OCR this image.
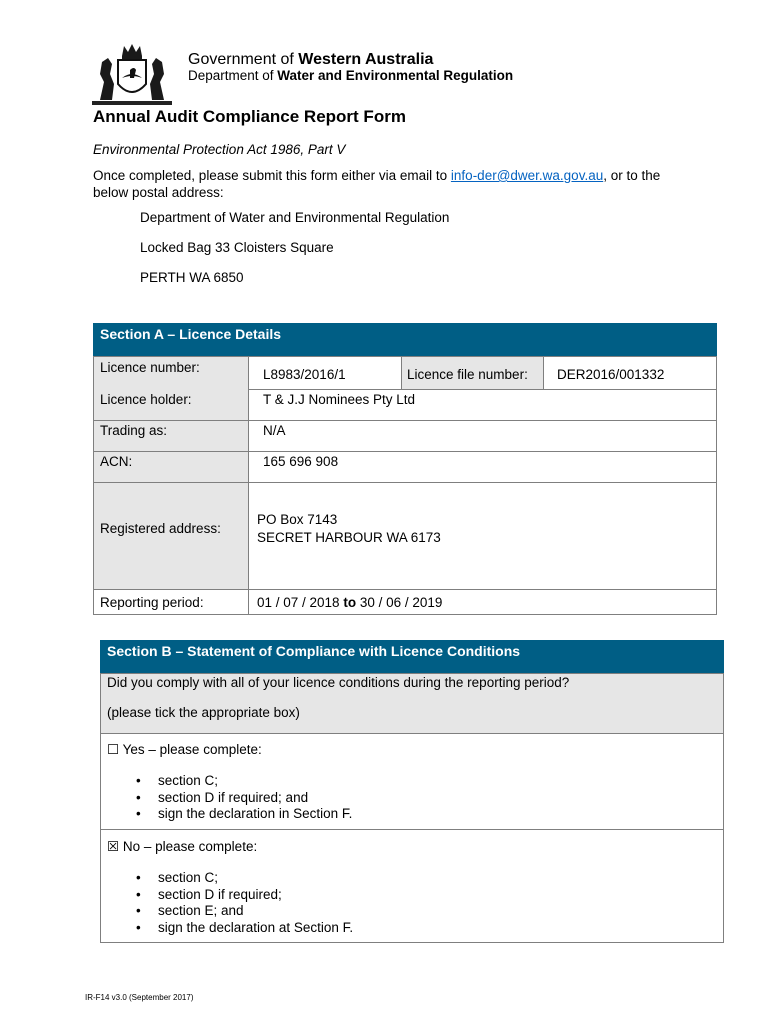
Government of Western Australia
Department of Water and Environmental Regulation
Annual Audit Compliance Report Form
Environmental Protection Act 1986, Part V
Once completed, please submit this form either via email to info-der@dwer.wa.gov.au, or to the below postal address:
Department of Water and Environmental Regulation
Locked Bag 33 Cloisters Square
PERTH WA 6850
Section A – Licence Details
Licence number:	L8983/2016/1	Licence file number: DER2016/001332
Licence holder:	T & J.J Nominees Pty Ltd
Trading as:	N/A
ACN:	165 696 908
Registered address:
PO Box 7143
SECRET HARBOUR WA 6173
Reporting period:	01 / 07 / 2018 to 30 / 06 / 2019
Section B – Statement of Compliance with Licence Conditions
Did you comply with all of your licence conditions during the reporting period?
(please tick the appropriate box)
☐ Yes – please complete:
• section C;
• section D if required; and
• sign the declaration in Section F.
☒ No – please complete:
• section C;
• section D if required;
• section E; and
• sign the declaration at Section F.
IR-F14 v3.0 (September 2017)
